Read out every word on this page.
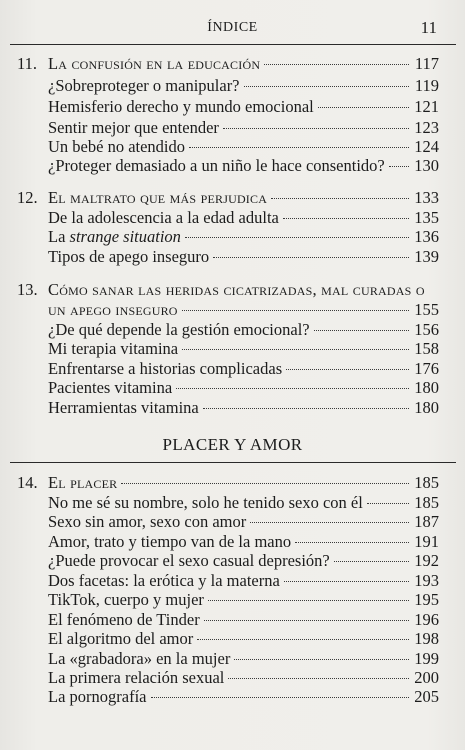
ÍNDICE	11
11. La confusión en la educación	117
¿Sobreproteger o manipular?	119
Hemisferio derecho y mundo emocional	121
Sentir mejor que entender	123
Un bebé no atendido	124
¿Proteger demasiado a un niño le hace consentido? 130
12. El maltrato que más perjudica	133
De la adolescencia a la edad adulta	135
La strange situation	136
Tipos de apego inseguro	139
13. Cómo sanar las heridas cicatrizadas, mal curadas o
un apego inseguro	155
¿De qué depende la gestión emocional?	156
Mi terapia vitamina	158
Enfrentarse a historias complicadas	176
Pacientes vitamina	180
Herramientas vitamina	180
PLACER Y AMOR
14. El placer	185
No me sé su nombre, solo he tenido sexo con él	185
Sexo sin amor, sexo con amor	187
Amor, trato y tiempo van de la mano	191
¿Puede provocar el sexo casual depresión?	192
Dos facetas: la erótica y la materna	193
TikTok, cuerpo y mujer	195
El fenómeno de Tinder	196
El algoritmo del amor	198
La «grabadora» en la mujer	199
La primera relación sexual	200
La pornografía	205
